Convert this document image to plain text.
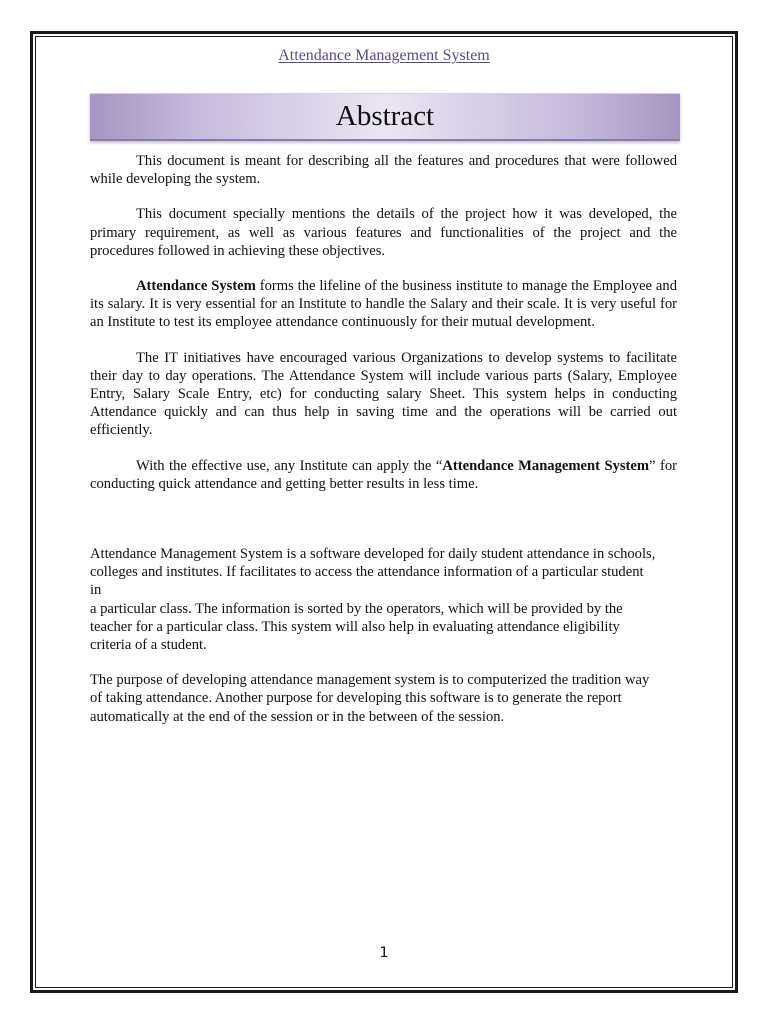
Attendance Management System
Abstract

This document is meant for describing all the features and procedures that were followed while developing the system.

This document specially mentions the details of the project how it was developed, the primary requirement, as well as various features and functionalities of the project and the procedures followed in achieving these objectives.

Attendance System forms the lifeline of the business institute to manage the Employee and its salary. It is very essential for an Institute to handle the Salary and their scale. It is very useful for an Institute to test its employee attendance continuously for their mutual development.

The IT initiatives have encouraged various Organizations to develop systems to facilitate their day to day operations. The Attendance System will include various parts (Salary, Employee Entry, Salary Scale Entry, etc) for conducting salary Sheet. This system helps in conducting Attendance quickly and can thus help in saving time and the operations will be carried out efficiently.

With the effective use, any Institute can apply the “Attendance Management System” for conducting quick attendance and getting better results in less time.

Attendance Management System is a software developed for daily student attendance in schools,
colleges and institutes. If facilitates to access the attendance information of a particular student
in
a particular class. The information is sorted by the operators, which will be provided by the
teacher for a particular class. This system will also help in evaluating attendance eligibility
criteria of a student.

The purpose of developing attendance management system is to computerized the tradition way
of taking attendance. Another purpose for developing this software is to generate the report
automatically at the end of the session or in the between of the session.

1
